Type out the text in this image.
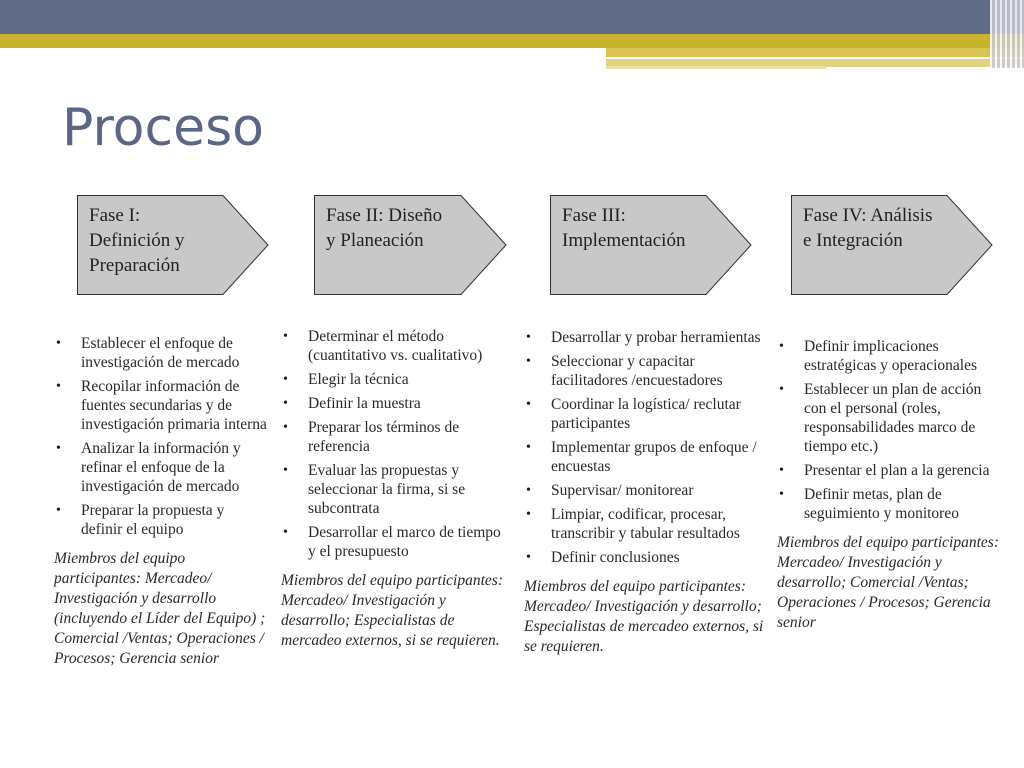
Proceso
Fase I:
Definición y
Preparación
Fase II: Diseño
y Planeación
Fase III:
Implementación
Fase IV: Análisis
e Integración
• Establecer el enfoque de investigación de mercado
• Recopilar información de fuentes secundarias y de investigación primaria interna
• Analizar la información y refinar el enfoque de la investigación de mercado
• Preparar la propuesta y definir el equipo
Miembros del equipo participantes: Mercadeo/ Investigación y desarrollo (incluyendo el Líder del Equipo) ; Comercial /Ventas; Operaciones / Procesos; Gerencia senior
• Determinar el método (cuantitativo vs. cualitativo)
• Elegir la técnica
• Definir la muestra
• Preparar los términos de referencia
• Evaluar las propuestas y seleccionar la firma, si se subcontrata
• Desarrollar el marco de tiempo y el presupuesto
Miembros del equipo participantes: Mercadeo/ Investigación y desarrollo; Especialistas de mercadeo externos, si se requieren.
• Desarrollar y probar herramientas
• Seleccionar y capacitar facilitadores /encuestadores
• Coordinar la logística/ reclutar participantes
• Implementar grupos de enfoque / encuestas
• Supervisar/ monitorear
• Limpiar, codificar, procesar, transcribir y tabular resultados
• Definir conclusiones
Miembros del equipo participantes: Mercadeo/ Investigación y desarrollo; Especialistas de mercadeo externos, si se requieren.
• Definir implicaciones estratégicas y operacionales
• Establecer un plan de acción con el personal (roles, responsabilidades marco de tiempo etc.)
• Presentar el plan a la gerencia
• Definir metas, plan de seguimiento y monitoreo
Miembros del equipo participantes: Mercadeo/ Investigación y desarrollo; Comercial /Ventas; Operaciones / Procesos; Gerencia senior
